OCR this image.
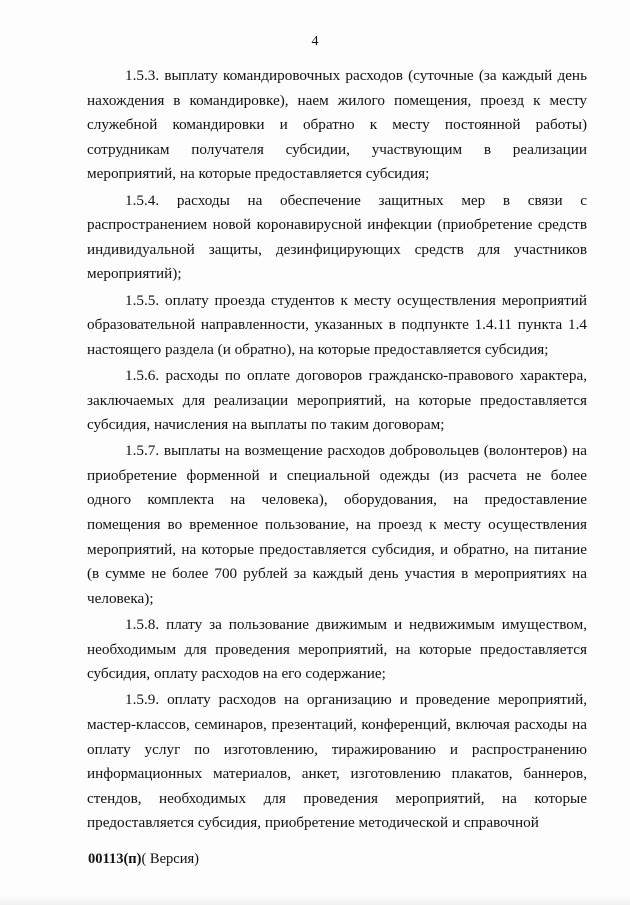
4

1.5.3. выплату командировочных расходов (суточные (за каждый день нахождения в командировке), наем жилого помещения, проезд к месту служебной командировки и обратно к месту постоянной работы) сотрудникам получателя субсидии, участвующим в реализации мероприятий, на которые предоставляется субсидия;

1.5.4. расходы на обеспечение защитных мер в связи с распространением новой коронавирусной инфекции (приобретение средств индивидуальной защиты, дезинфицирующих средств для участников мероприятий);

1.5.5. оплату проезда студентов к месту осуществления мероприятий образовательной направленности, указанных в подпункте 1.4.11 пункта 1.4 настоящего раздела (и обратно), на которые предоставляется субсидия;

1.5.6. расходы по оплате договоров гражданско-правового характера, заключаемых для реализации мероприятий, на которые предоставляется субсидия, начисления на выплаты по таким договорам;

1.5.7. выплаты на возмещение расходов добровольцев (волонтеров) на приобретение форменной и специальной одежды (из расчета не более одного комплекта на человека), оборудования, на предоставление помещения во временное пользование, на проезд к месту осуществления мероприятий, на которые предоставляется субсидия, и обратно, на питание (в сумме не более 700 рублей за каждый день участия в мероприятиях на человека);

1.5.8. плату за пользование движимым и недвижимым имуществом, необходимым для проведения мероприятий, на которые предоставляется субсидия, оплату расходов на его содержание;

1.5.9. оплату расходов на организацию и проведение мероприятий, мастер-классов, семинаров, презентаций, конференций, включая расходы на оплату услуг по изготовлению, тиражированию и распространению информационных материалов, анкет, изготовлению плакатов, баннеров, стендов, необходимых для проведения мероприятий, на которые предоставляется субсидия, приобретение методической и справочной

00113(п)( Версия)
